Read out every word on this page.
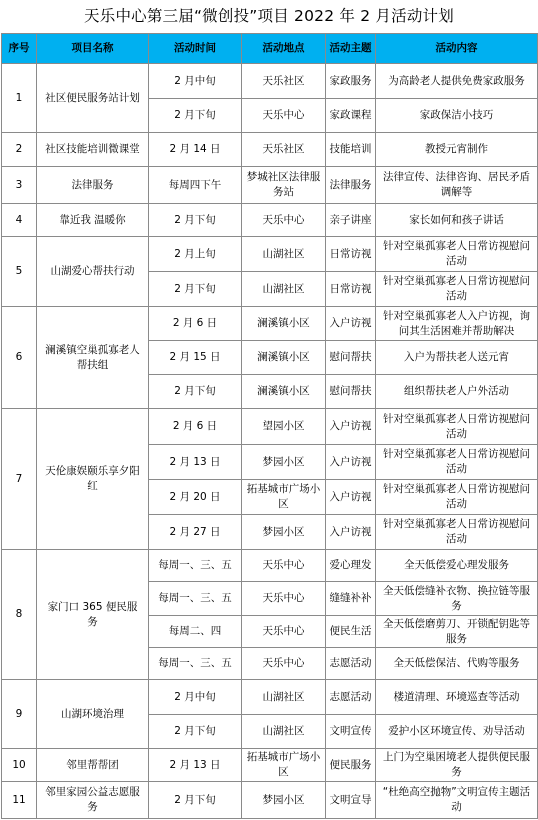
天乐中心第三届“微创投”项目 2022 年 2 月活动计划
序号	项目名称	活动时间	活动地点	活动主题	活动内容
1	社区便民服务站计划	2 月中旬	天乐社区	家政服务	为高龄老人提供免费家政服务

		2 月下旬	天乐中心	家政课程	家政保洁小技巧

2	社区技能培训微课堂	2 月 14 日	天乐社区	技能培训	教授元宵制作

3	法律服务	每周四下午	梦城社区法律服务站	法律服务	法律宣传、法律咨询、居民矛盾调解等

4	靠近我 温暖你	2 月下旬	天乐中心	亲子讲座	家长如何和孩子讲话

5	山湖爱心帮扶行动	2 月上旬	山湖社区	日常访视	针对空巢孤寡老人日常访视慰问活动

		2 月下旬	山湖社区	日常访视	针对空巢孤寡老人日常访视慰问活动

6	澜溪镇空巢孤寡老人帮扶组	2 月 6 日	澜溪镇小区	入户访视	针对空巢孤寡老人入户访视，询问其生活困难并帮助解决

		2 月 15 日	澜溪镇小区	慰问帮扶	入户为帮扶老人送元宵

		2 月下旬	澜溪镇小区	慰问帮扶	组织帮扶老人户外活动

7	天伦康娱颐乐享夕阳红	2 月 6 日	望园小区	入户访视	针对空巢孤寡老人日常访视慰问活动

		2 月 13 日	梦园小区	入户访视	针对空巢孤寡老人日常访视慰问活动

		2 月 20 日	拓基城市广场小区	入户访视	针对空巢孤寡老人日常访视慰问活动

		2 月 27 日	梦园小区	入户访视	针对空巢孤寡老人日常访视慰问活动

8	家门口 365 便民服务	每周一、三、五	天乐中心	爱心理发	全天低偿爱心理发服务

		每周一、三、五	天乐中心	缝缝补补	全天低偿缝补衣物、换拉链等服务

		每周二、四	天乐中心	便民生活	全天低偿磨剪刀、开锁配钥匙等服务

		每周一、三、五	天乐中心	志愿活动	全天低偿保洁、代购等服务

9	山湖环境治理	2 月中旬	山湖社区	志愿活动	楼道清理、环境巡查等活动

		2 月下旬	山湖社区	文明宣传	爱护小区环境宣传、劝导活动

10	邻里帮帮团	2 月 13 日	拓基城市广场小区	便民服务	上门为空巢困境老人提供便民服务

11	邻里家园公益志愿服务	2 月下旬	梦园小区	文明宣导	“杜绝高空抛物”文明宣传主题活动
